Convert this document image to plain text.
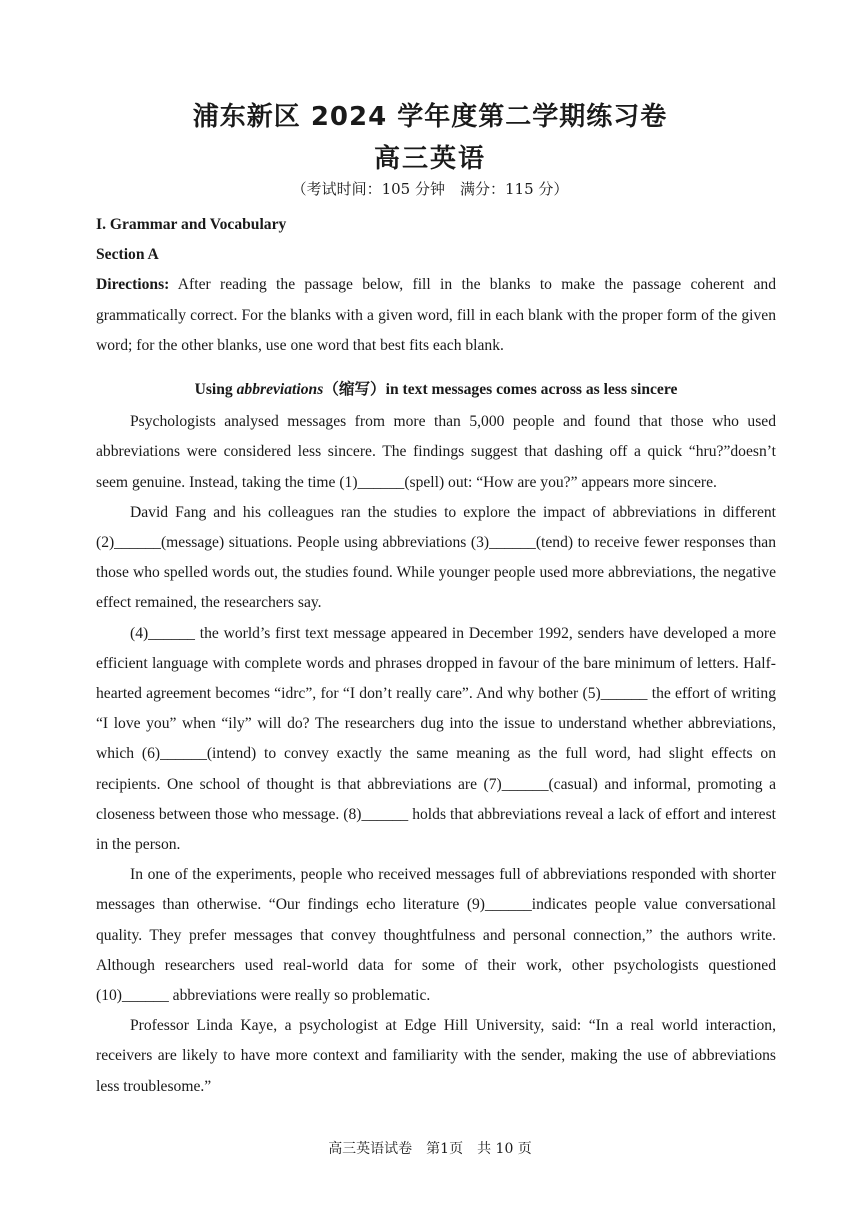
浦东新区 2024 学年度第二学期练习卷
高三英语
（考试时间：105 分钟　满分：115 分）

I. Grammar and Vocabulary

Section A

Directions: After reading the passage below, fill in the blanks to make the passage coherent and grammatically correct. For the blanks with a given word, fill in each blank with the proper form of the given word; for the other blanks, use one word that best fits each blank.

Using abbreviations（缩写）in text messages comes across as less sincere

Psychologists analysed messages from more than 5,000 people and found that those who used abbreviations were considered less sincere. The findings suggest that dashing off a quick “hru?”doesn’t seem genuine. Instead, taking the time (1)______(spell) out: “How are you?” appears more sincere.

David Fang and his colleagues ran the studies to explore the impact of abbreviations in different (2)______(message) situations. People using abbreviations (3)______(tend) to receive fewer responses than those who spelled words out, the studies found. While younger people used more abbreviations, the negative effect remained, the researchers say.

(4)______ the world’s first text message appeared in December 1992, senders have developed a more efficient language with complete words and phrases dropped in favour of the bare minimum of letters. Half-hearted agreement becomes “idrc”, for “I don’t really care”. And why bother (5)______ the effort of writing “I love you” when “ily” will do? The researchers dug into the issue to understand whether abbreviations, which (6)______(intend) to convey exactly the same meaning as the full word, had slight effects on recipients. One school of thought is that abbreviations are (7)______(casual) and informal, promoting a closeness between those who message. (8)______ holds that abbreviations reveal a lack of effort and interest in the person.

In one of the experiments, people who received messages full of abbreviations responded with shorter messages than otherwise. “Our findings echo literature (9)______indicates people value conversational quality. They prefer messages that convey thoughtfulness and personal connection,” the authors write. Although researchers used real-world data for some of their work, other psychologists questioned (10)______ abbreviations were really so problematic.

Professor Linda Kaye, a psychologist at Edge Hill University, said: “In a real world interaction, receivers are likely to have more context and familiarity with the sender, making the use of abbreviations less troublesome.”

高三英语试卷　第1页　共 10 页
